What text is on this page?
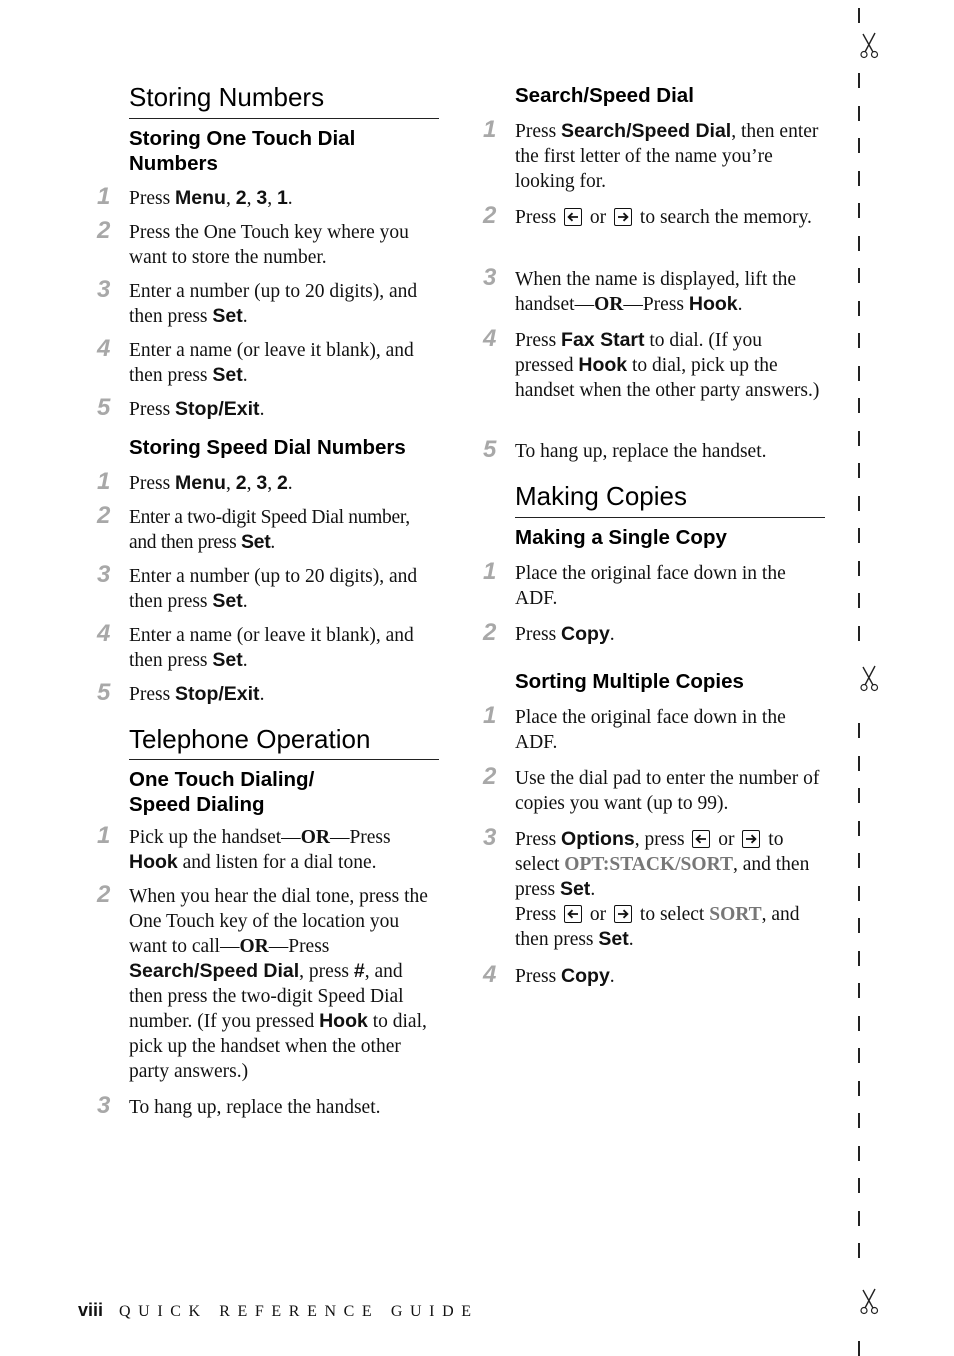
Storing Numbers
Storing One Touch Dial Numbers
1 Press Menu, 2, 3, 1.
2 Press the One Touch key where you want to store the number.
3 Enter a number (up to 20 digits), and then press Set.
4 Enter a name (or leave it blank), and then press Set.
5 Press Stop/Exit.
Storing Speed Dial Numbers
1 Press Menu, 2, 3, 2.
2 Enter a two-digit Speed Dial number, and then press Set.
3 Enter a number (up to 20 digits), and then press Set.
4 Enter a name (or leave it blank), and then press Set.
5 Press Stop/Exit.
Telephone Operation
One Touch Dialing/
Speed Dialing
1 Pick up the handset—OR—Press Hook and listen for a dial tone.
2 When you hear the dial tone, press the One Touch key of the location you want to call—OR—Press Search/Speed Dial, press #, and then press the two-digit Speed Dial number. (If you pressed Hook to dial, pick up the handset when the other party answers.)
3 To hang up, replace the handset.
Search/Speed Dial
1 Press Search/Speed Dial, then enter the first letter of the name you’re looking for.
2 Press
or
to search the memory.
3 When the name is displayed, lift the handset—OR—Press Hook.
4 Press Fax Start to dial. (If you pressed Hook to dial, pick up the handset when the other party answers.)
5 To hang up, replace the handset.
Making Copies
Making a Single Copy
1 Place the original face down in the ADF.
2 Press Copy.
Sorting Multiple Copies
1 Place the original face down in the ADF.
2 Use the dial pad to enter the number of copies you want (up to 99).
3 Press Options, press
or
to select OPT:STACK/SORT, and then press Set.
Press
or
to select SORT, and then press Set.
4 Press Copy.
viii QUICK REFERENCE GUIDE
